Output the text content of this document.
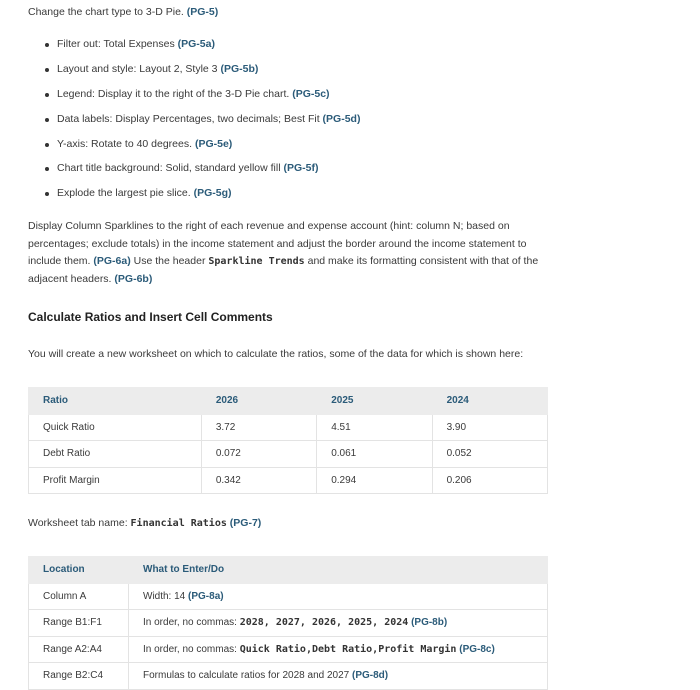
Change the chart type to 3-D Pie. (PG-5)

Filter out: Total Expenses (PG-5a)
Layout and style: Layout 2, Style 3 (PG-5b)
Legend: Display it to the right of the 3-D Pie chart. (PG-5c)
Data labels: Display Percentages, two decimals; Best Fit (PG-5d)
Y-axis: Rotate to 40 degrees. (PG-5e)
Chart title background: Solid, standard yellow fill (PG-5f)
Explode the largest pie slice. (PG-5g)

Display Column Sparklines to the right of each revenue and expense account (hint: column N; based on percentages; exclude totals) in the income statement and adjust the border around the income statement to include them. (PG-6a) Use the header Sparkline Trends and make its formatting consistent with that of the adjacent headers. (PG-6b)

Calculate Ratios and Insert Cell Comments

You will create a new worksheet on which to calculate the ratios, some of the data for which is shown here:

Ratio	2026	2025	2024
Quick Ratio	3.72	4.51	3.90
Debt Ratio	0.072	0.061	0.052
Profit Margin	0.342	0.294	0.206

Worksheet tab name: Financial Ratios (PG-7)

Location	What to Enter/Do
Column A	Width: 14 (PG-8a)
Range B1:F1	In order, no commas: 2028, 2027, 2026, 2025, 2024 (PG-8b)
Range A2:A4	In order, no commas: Quick Ratio,Debt Ratio,Profit Margin (PG-8c)
Range B2:C4	Formulas to calculate ratios for 2028 and 2027 (PG-8d)
